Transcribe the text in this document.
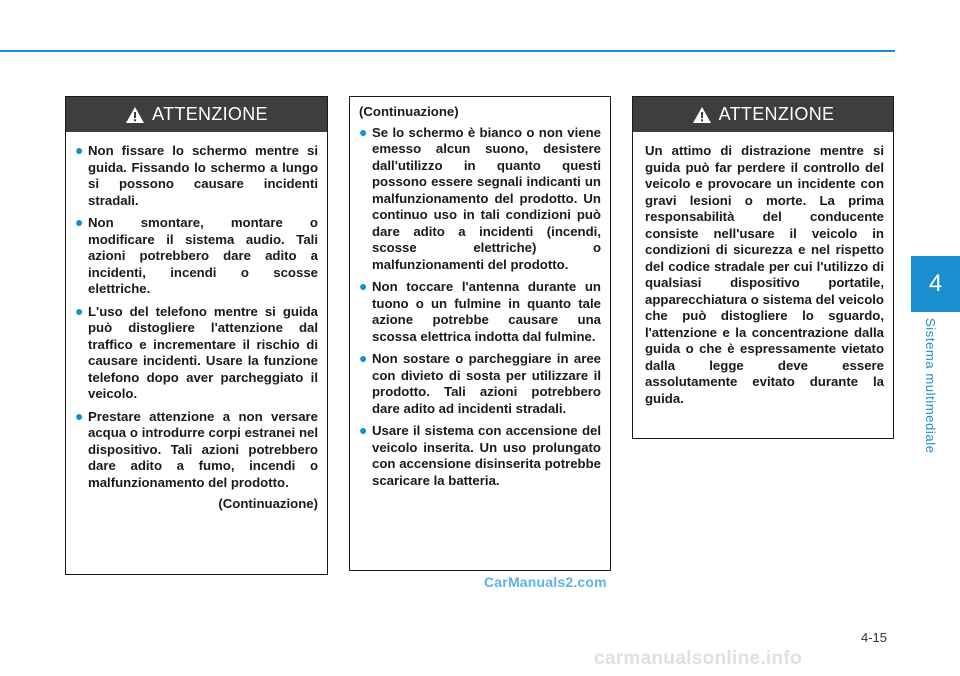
4
Sistema multimediale
ATTENZIONE
● Non fissare lo schermo mentre si guida. Fissando lo schermo a lungo si possono causare incidenti stradali.
● Non smontare, montare o modificare il sistema audio. Tali azioni potrebbero dare adito a incidenti, incendi o scosse elettriche.
● L'uso del telefono mentre si guida può distogliere l'attenzione dal traffico e incrementare il rischio di causare incidenti. Usare la funzione telefono dopo aver parcheggiato il veicolo.
● Prestare attenzione a non versare acqua o introdurre corpi estranei nel dispositivo. Tali azioni potrebbero dare adito a fumo, incendi o malfunzionamento del prodotto.
(Continuazione)
(Continuazione)
● Se lo schermo è bianco o non viene emesso alcun suono, desistere dall'utilizzo in quanto questi possono essere segnali indicanti un malfunzionamento del prodotto. Un continuo uso in tali condizioni può dare adito a incidenti (incendi, scosse elettriche) o malfunzionamenti del prodotto.
● Non toccare l'antenna durante un tuono o un fulmine in quanto tale azione potrebbe causare una scossa elettrica indotta dal fulmine.
● Non sostare o parcheggiare in aree con divieto di sosta per utilizzare il prodotto. Tali azioni potrebbero dare adito ad incidenti stradali.
● Usare il sistema con accensione del veicolo inserita. Un uso prolungato con accensione disinserita potrebbe scaricare la batteria.
ATTENZIONE

Un attimo di distrazione mentre si guida può far perdere il controllo del veicolo e provocare un incidente con gravi lesioni o morte. La prima responsabilità del conducente consiste nell'usare il veicolo in condizioni di sicurezza e nel rispetto del codice stradale per cui l'utilizzo di qualsiasi dispositivo portatile, apparecchiatura o sistema del veicolo che può distogliere lo sguardo, l'attenzione e la concentrazione dalla guida o che è espressamente vietato dalla legge deve essere assolutamente evitato durante la guida.

CarManuals2.com
4-15
carmanualsonline.info
